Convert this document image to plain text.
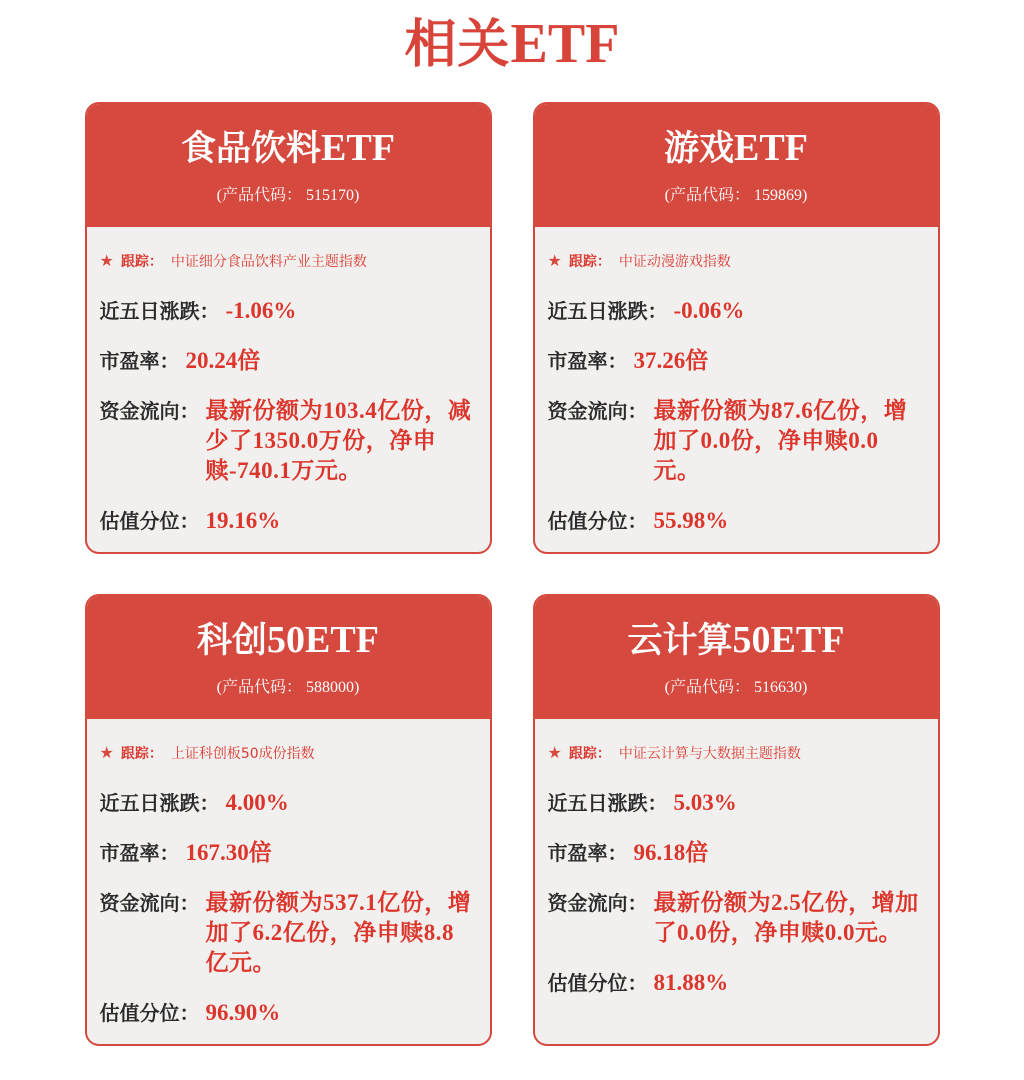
相关ETF
食品饮料ETF
(产品代码： 515170)
★ 跟踪： 中证细分食品饮料产业主题指数
近五日涨跌： -1.06%
市盈率： 20.24倍
资金流向： 最新份额为103.4亿份，减少了1350.0万份，净申赎-740.1万元。
估值分位： 19.16%
游戏ETF
(产品代码： 159869)
★ 跟踪： 中证动漫游戏指数
近五日涨跌： -0.06%
市盈率： 37.26倍
资金流向： 最新份额为87.6亿份，增加了0.0份，净申赎0.0元。
估值分位： 55.98%
科创50ETF
(产品代码： 588000)
★ 跟踪： 上证科创板50成份指数
近五日涨跌： 4.00%
市盈率： 167.30倍
资金流向： 最新份额为537.1亿份，增加了6.2亿份，净申赎8.8亿元。
估值分位： 96.90%
云计算50ETF
(产品代码： 516630)
★ 跟踪： 中证云计算与大数据主题指数
近五日涨跌： 5.03%
市盈率： 96.18倍
资金流向： 最新份额为2.5亿份，增加了0.0份，净申赎0.0元。
估值分位： 81.88%
